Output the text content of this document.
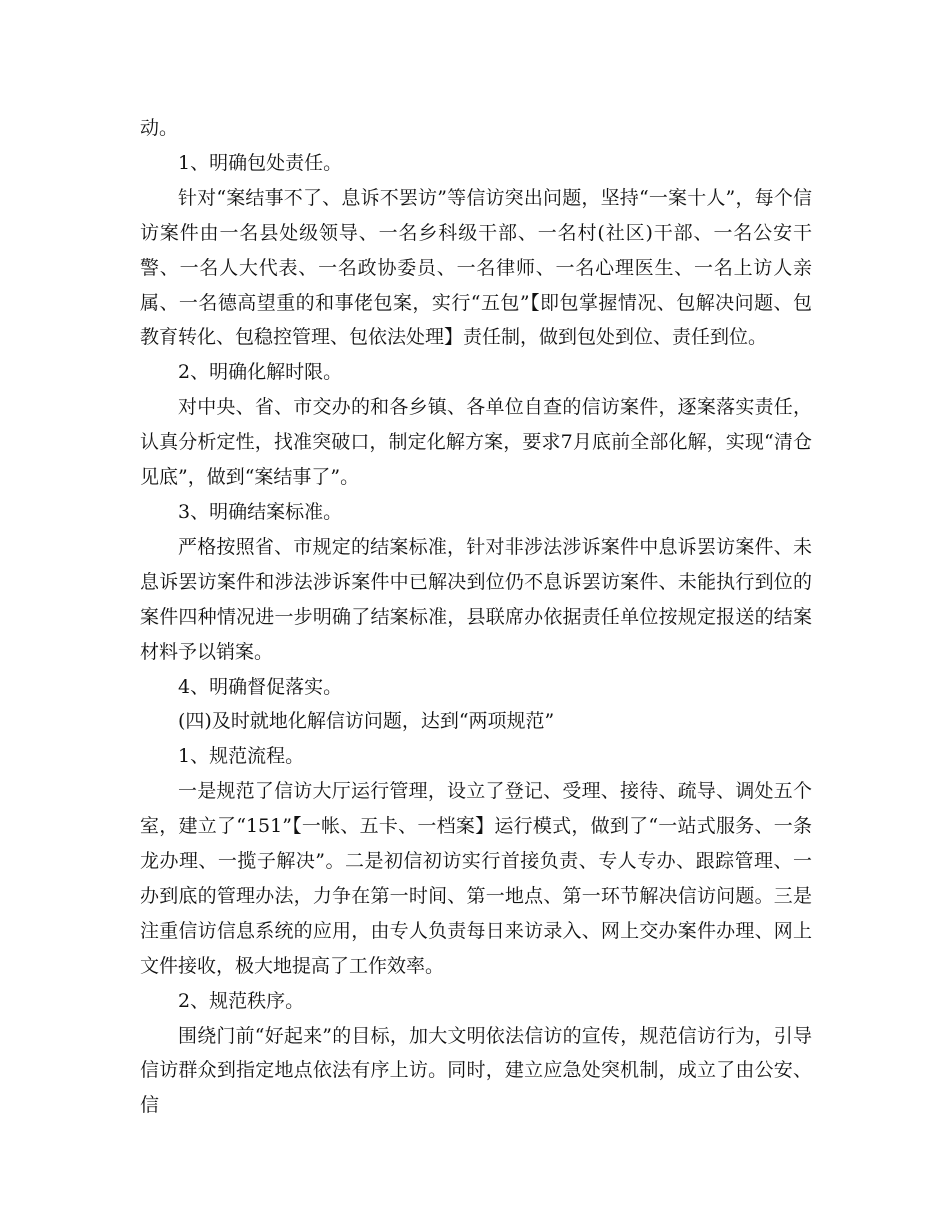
动。

1、明确包处责任。

针对“案结事不了、息诉不罢访”等信访突出问题，坚持“一案十人”，每个信访案件由一名县处级领导、一名乡科级干部、一名村(社区)干部、一名公安干警、一名人大代表、一名政协委员、一名律师、一名心理医生、一名上访人亲属、一名德高望重的和事佬包案，实行“五包”【即包掌握情况、包解决问题、包教育转化、包稳控管理、包依法处理】责任制，做到包处到位、责任到位。

2、明确化解时限。

对中央、省、市交办的和各乡镇、各单位自查的信访案件，逐案落实责任，认真分析定性，找准突破口，制定化解方案，要求7月底前全部化解，实现“清仓见底”，做到“案结事了”。

3、明确结案标准。

严格按照省、市规定的结案标准，针对非涉法涉诉案件中息诉罢访案件、未息诉罢访案件和涉法涉诉案件中已解决到位仍不息诉罢访案件、未能执行到位的案件四种情况进一步明确了结案标准，县联席办依据责任单位按规定报送的结案材料予以销案。

4、明确督促落实。

(四)及时就地化解信访问题，达到“两项规范”

1、规范流程。

一是规范了信访大厅运行管理，设立了登记、受理、接待、疏导、调处五个室，建立了“151”【一帐、五卡、一档案】运行模式，做到了“一站式服务、一条龙办理、一揽子解决”。二是初信初访实行首接负责、专人专办、跟踪管理、一办到底的管理办法，力争在第一时间、第一地点、第一环节解决信访问题。三是注重信访信息系统的应用，由专人负责每日来访录入、网上交办案件办理、网上文件接收，极大地提高了工作效率。

2、规范秩序。

围绕门前“好起来”的目标，加大文明依法信访的宣传，规范信访行为，引导信访群众到指定地点依法有序上访。同时，建立应急处突机制，成立了由公安、信
